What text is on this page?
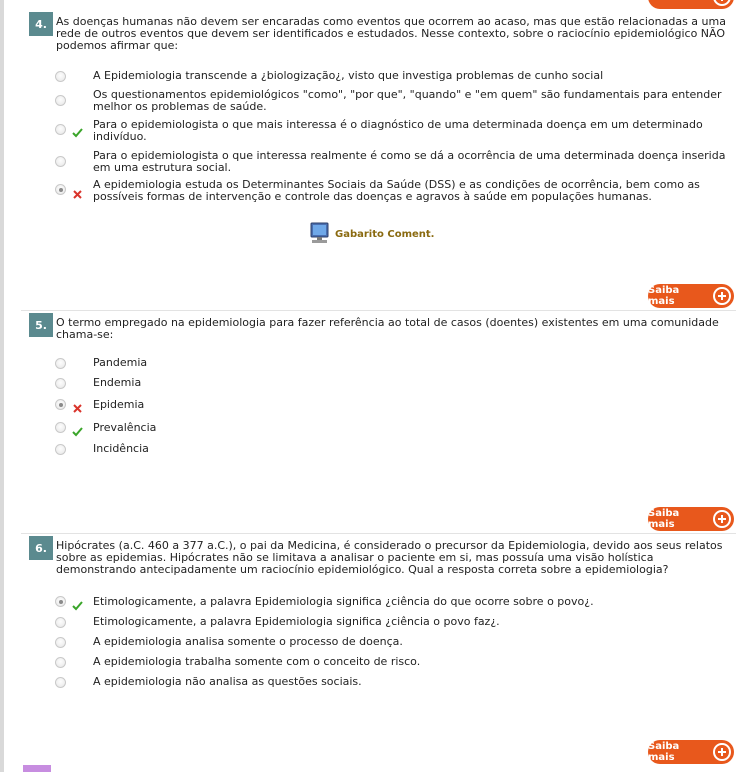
4. As doenças humanas não devem ser encaradas como eventos que ocorrem ao acaso, mas que estão relacionadas a uma rede de outros eventos que devem ser identificados e estudados. Nesse contexto, sobre o raciocínio epidemiológico NÃO podemos afirmar que:
A Epidemiologia transcende a ¿biologização¿, visto que investiga problemas de cunho social
Os questionamentos epidemiológicos "como", "por que", "quando" e "em quem" são fundamentais para entender melhor os problemas de saúde.
Para o epidemiologista o que mais interessa é o diagnóstico de uma determinada doença em um determinado indivíduo.
Para o epidemiologista o que interessa realmente é como se dá a ocorrência de uma determinada doença inserida em uma estrutura social.
A epidemiologia estuda os Determinantes Sociais da Saúde (DSS) e as condições de ocorrência, bem como as possíveis formas de intervenção e controle das doenças e agravos à saúde em populações humanas.
Gabarito Coment.
Saiba mais
5. O termo empregado na epidemiologia para fazer referência ao total de casos (doentes) existentes em uma comunidade chama-se:
Pandemia
Endemia
Epidemia
Prevalência
Incidência
Saiba mais
6. Hipócrates (a.C. 460 a 377 a.C.), o pai da Medicina, é considerado o precursor da Epidemiologia, devido aos seus relatos sobre as epidemias. Hipócrates não se limitava a analisar o paciente em si, mas possuía uma visão holística demonstrando antecipadamente um raciocínio epidemiológico. Qual a resposta correta sobre a epidemiologia?
Etimologicamente, a palavra Epidemiologia significa ¿ciência do que ocorre sobre o povo¿.
Etimologicamente, a palavra Epidemiologia significa ¿ciência o povo faz¿.
A epidemiologia analisa somente o processo de doença.
A epidemiologia trabalha somente com o conceito de risco.
A epidemiologia não analisa as questões sociais.
Saiba mais
